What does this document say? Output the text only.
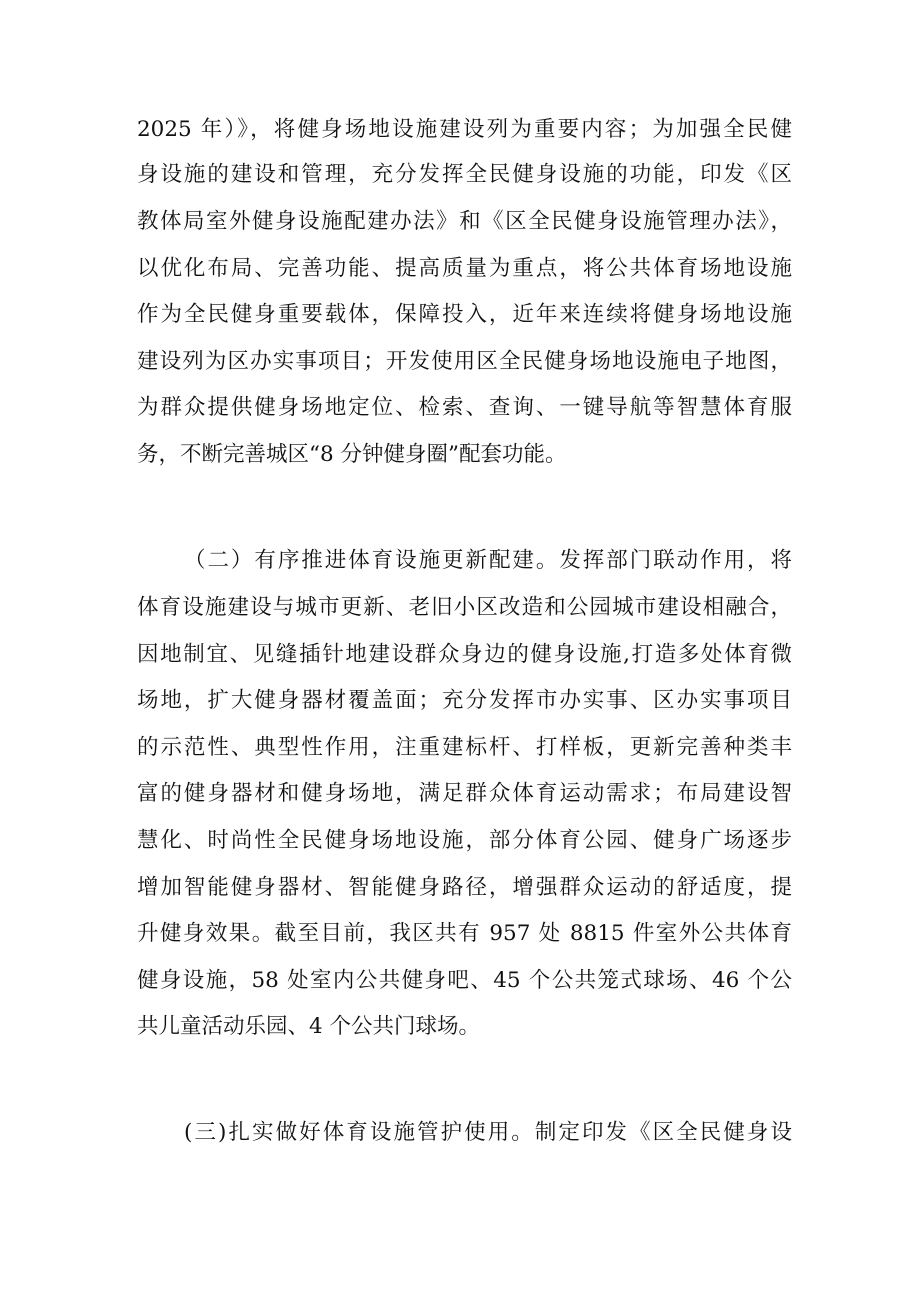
2025 年）》，将健身场地设施建设列为重要内容；为加强全民健
身设施的建设和管理，充分发挥全民健身设施的功能，印发《区
教体局室外健身设施配建办法》和《区全民健身设施管理办法》，
以优化布局、完善功能、提高质量为重点，将公共体育场地设施
作为全民健身重要载体，保障投入，近年来连续将健身场地设施
建设列为区办实事项目；开发使用区全民健身场地设施电子地图，
为群众提供健身场地定位、检索、查询、一键导航等智慧体育服
务，不断完善城区“8 分钟健身圈”配套功能。
（二）有序推进体育设施更新配建。发挥部门联动作用，将
体育设施建设与城市更新、老旧小区改造和公园城市建设相融合，
因地制宜、见缝插针地建设群众身边的健身设施,打造多处体育微
场地，扩大健身器材覆盖面；充分发挥市办实事、区办实事项目
的示范性、典型性作用，注重建标杆、打样板，更新完善种类丰
富的健身器材和健身场地，满足群众体育运动需求；布局建设智
慧化、时尚性全民健身场地设施，部分体育公园、健身广场逐步
增加智能健身器材、智能健身路径，增强群众运动的舒适度，提
升健身效果。截至目前，我区共有 957 处 8815 件室外公共体育
健身设施，58 处室内公共健身吧、45 个公共笼式球场、46 个公
共儿童活动乐园、4 个公共门球场。
(三)扎实做好体育设施管护使用。制定印发《区全民健身设
